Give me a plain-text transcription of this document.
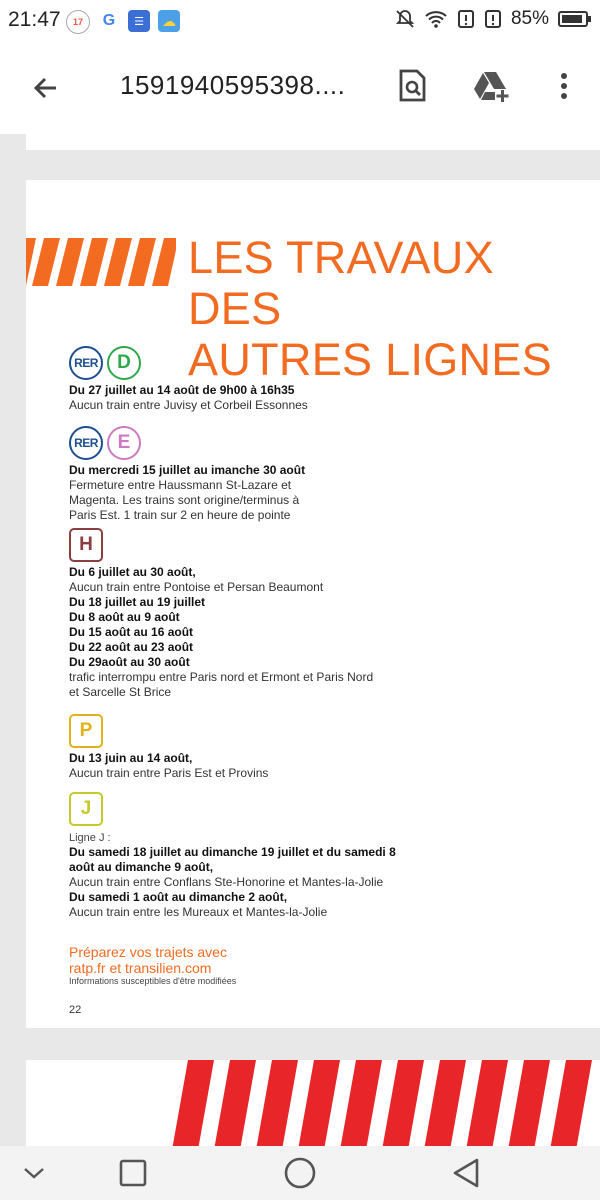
21:47	17	G	☰	☁	85%
1591940595398....
LES TRAVAUX DES
AUTRES LIGNES
RER	D
Du 27 juillet au 14 août de 9h00 à 16h35
Aucun train entre Juvisy et Corbeil Essonnes
RER	E
Du mercredi 15 juillet au imanche 30 août
Fermeture entre Haussmann St-Lazare et
Magenta. Les trains sont origine/terminus à
Paris Est. 1 train sur 2 en heure de pointe
H
Du 6 juillet au 30 août,
Aucun train entre Pontoise et Persan Beaumont
Du 18 juillet au 19 juillet
Du 8 août au 9 août
Du 15 août au 16 août
Du 22 août au 23 août
Du 29août au 30 août
trafic interrompu entre Paris nord et Ermont et Paris Nord
et Sarcelle St Brice
P
Du 13 juin au 14 août,
Aucun train entre Paris Est et Provins
J
Ligne J :
Du samedi 18 juillet au dimanche 19 juillet et du samedi 8
août au dimanche 9 août,
Aucun train entre Conflans Ste-Honorine et Mantes-la-Jolie
Du samedi 1 août au dimanche 2 août,
Aucun train entre les Mureaux et Mantes-la-Jolie
Préparez vos trajets avec
ratp.fr et transilien.com
Informations susceptibles d'être modifiées
22
